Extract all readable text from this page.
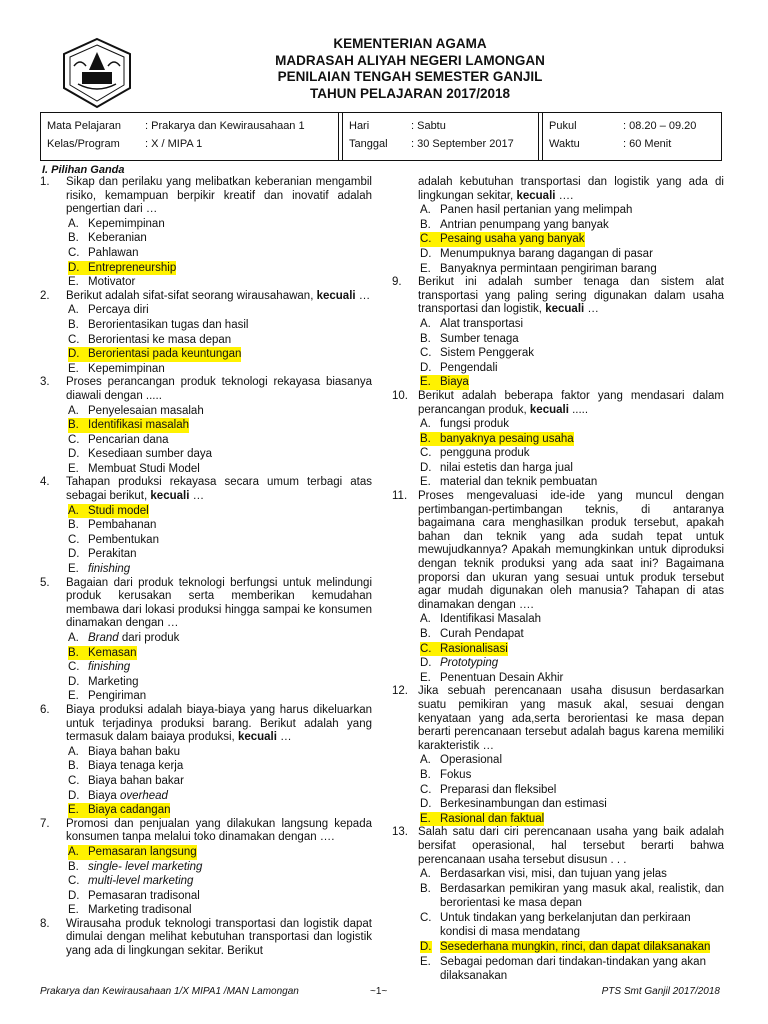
KEMENTERIAN AGAMA
MADRASAH ALIYAH NEGERI LAMONGAN
PENILAIAN TENGAH SEMESTER GANJIL
TAHUN PELAJARAN 2017/2018
Mata Pelajaran : Prakarya dan Kewirausahaan 1
Kelas/Program : X / MIPA 1
Hari	: Sabtu
Tanggal : 30 September 2017
Pukul	: 08.20 – 09.20
Waktu	: 60 Menit
I. Pilihan Ganda
1.	Sikap dan perilaku yang melibatkan keberanian mengambil risiko, kemampuan berpikir kreatif dan inovatif adalah pengertian dari …
A. Kepemimpinan
B. Keberanian
C. Pahlawan
D. Entrepreneurship
E. Motivator
2.	Berikut adalah sifat-sifat seorang wirausahawan, kecuali …
A. Percaya diri
B. Berorientasikan tugas dan hasil
C. Berorientasi ke masa depan
D. Berorientasi pada keuntungan
E. Kepemimpinan
3.	Proses perancangan produk teknologi rekayasa biasanya diawali dengan .....
A. Penyelesaian masalah
B. Identifikasi masalah
C. Pencarian dana
D. Kesediaan sumber daya
E. Membuat Studi Model
4.	Tahapan produksi rekayasa secara umum terbagi atas sebagai berikut, kecuali …
A. Studi model
B. Pembahanan
C. Pembentukan
D. Perakitan
E. finishing
5.	Bagaian dari produk teknologi berfungsi untuk melindungi produk kerusakan serta memberikan kemudahan membawa dari lokasi produksi hingga sampai ke konsumen dinamakan dengan …
A. Brand dari produk
B. Kemasan
C. finishing
D. Marketing
E. Pengiriman
6.	Biaya produksi adalah biaya-biaya yang harus dikeluarkan untuk terjadinya produksi barang. Berikut adalah yang termasuk dalam baiaya produksi, kecuali …
A. Biaya bahan baku
B. Biaya tenaga kerja
C. Biaya bahan bakar
D. Biaya overhead
E. Biaya cadangan
7.	Promosi dan penjualan yang dilakukan langsung kepada konsumen tanpa melalui toko dinamakan dengan ….
A. Pemasaran langsung
B. single- level marketing
C. multi-level marketing
D. Pemasaran tradisonal
E. Marketing tradisonal
8.	Wirausaha produk teknologi transportasi dan logistik dapat dimulai dengan melihat kebutuhan transportasi dan logistik yang ada di lingkungan sekitar. Berikut
adalah kebutuhan transportasi dan logistik yang ada di lingkungan sekitar, kecuali ….
A. Panen hasil pertanian yang melimpah
B. Antrian penumpang yang banyak
C. Pesaing usaha yang banyak
D. Menumpuknya barang dagangan di pasar
E. Banyaknya permintaan pengiriman barang
9.	Berikut ini adalah sumber tenaga dan sistem alat transportasi yang paling sering digunakan dalam usaha transportasi dan logistik, kecuali …
A. Alat transportasi
B. Sumber tenaga
C. Sistem Penggerak
D. Pengendali
E. Biaya
10. Berikut adalah beberapa faktor yang mendasari dalam perancangan produk, kecuali .....
A. fungsi produk
B. banyaknya pesaing usaha
C. pengguna produk
D. nilai estetis dan harga jual
E. material dan teknik pembuatan
11. Proses mengevaluasi ide-ide yang muncul dengan pertimbangan-pertimbangan teknis, di antaranya bagaimana cara menghasilkan produk tersebut, apakah bahan dan teknik yang ada sudah tepat untuk mewujudkannya? Apakah memungkinkan untuk diproduksi dengan teknik produksi yang ada saat ini? Bagaimana proporsi dan ukuran yang sesuai untuk produk tersebut agar mudah digunakan oleh manusia? Tahapan di atas dinamakan dengan ….
A. Identifikasi Masalah
B. Curah Pendapat
C. Rasionalisasi
D. Prototyping
E. Penentuan Desain Akhir
12. Jika sebuah perencanaan usaha disusun berdasarkan suatu pemikiran yang masuk akal, sesuai dengan kenyataan yang ada,serta berorientasi ke masa depan berarti perencanaan tersebut adalah bagus karena memiliki karakteristik …
A. Operasional
B. Fokus
C. Preparasi dan fleksibel
D. Berkesinambungan dan estimasi
E. Rasional dan faktual
13. Salah satu dari ciri perencanaan usaha yang baik adalah bersifat operasional, hal tersebut berarti bahwa perencanaan usaha tersebut disusun . . .
A. Berdasarkan visi, misi, dan tujuan yang jelas
B. Berdasarkan pemikiran yang masuk akal, realistik, dan berorientasi ke masa depan
C. Untuk tindakan yang berkelanjutan dan perkiraan kondisi di masa mendatang
D. Sesederhana mungkin, rinci, dan dapat dilaksanakan
E. Sebagai pedoman dari tindakan-tindakan yang akan dilaksanakan
Prakarya dan Kewirausahaan 1/X MIPA1 /MAN Lamongan	~1~	PTS Smt Ganjil 2017/2018
